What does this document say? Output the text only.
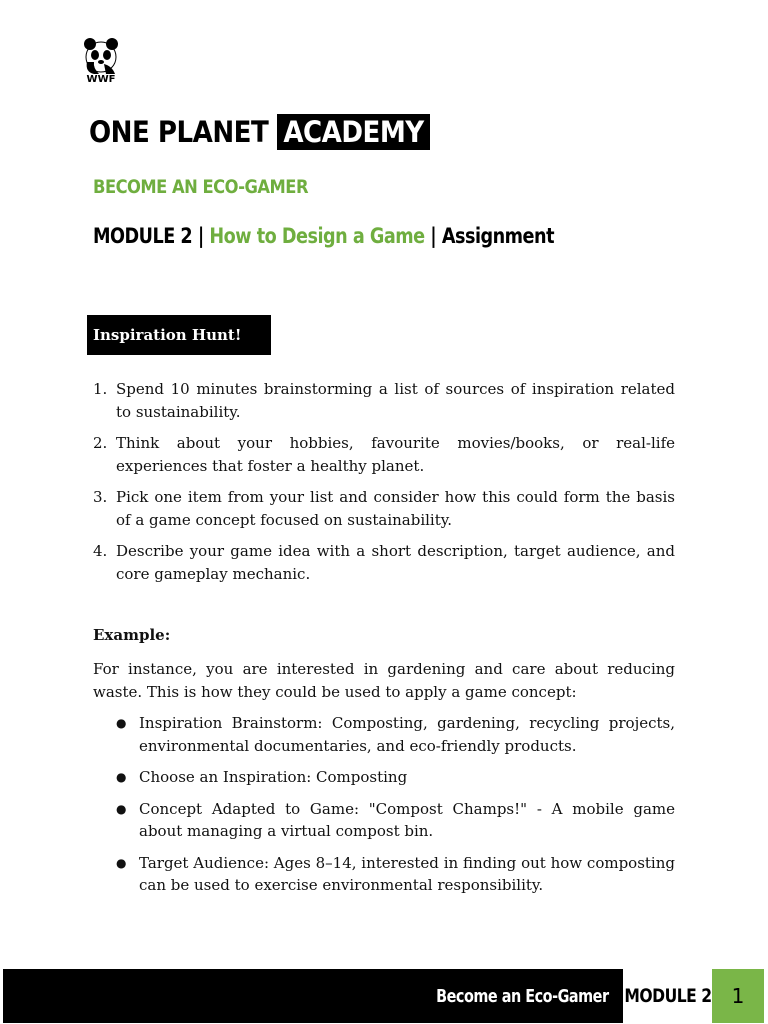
WWF
ONE PLANET ACADEMY
BECOME AN ECO-GAMER
MODULE 2 | How to Design a Game | Assignment
Inspiration Hunt!
1. Spend 10 minutes brainstorming a list of sources of inspiration related to sustainability.
2. Think about your hobbies, favourite movies/books, or real-life experiences that foster a healthy planet.
3. Pick one item from your list and consider how this could form the basis of a game concept focused on sustainability.
4. Describe your game idea with a short description, target audience, and core gameplay mechanic.
Example:

For instance, you are interested in gardening and care about reducing waste. This is how they could be used to apply a game concept:

● Inspiration Brainstorm: Composting, gardening, recycling projects, environmental documentaries, and eco-friendly products.
● Choose an Inspiration: Composting
● Concept Adapted to Game: "Compost Champs!" - A mobile game about managing a virtual compost bin.
● Target Audience: Ages 8–14, interested in finding out how composting can be used to exercise environmental responsibility.
Become an Eco-Gamer MODULE 2 1
